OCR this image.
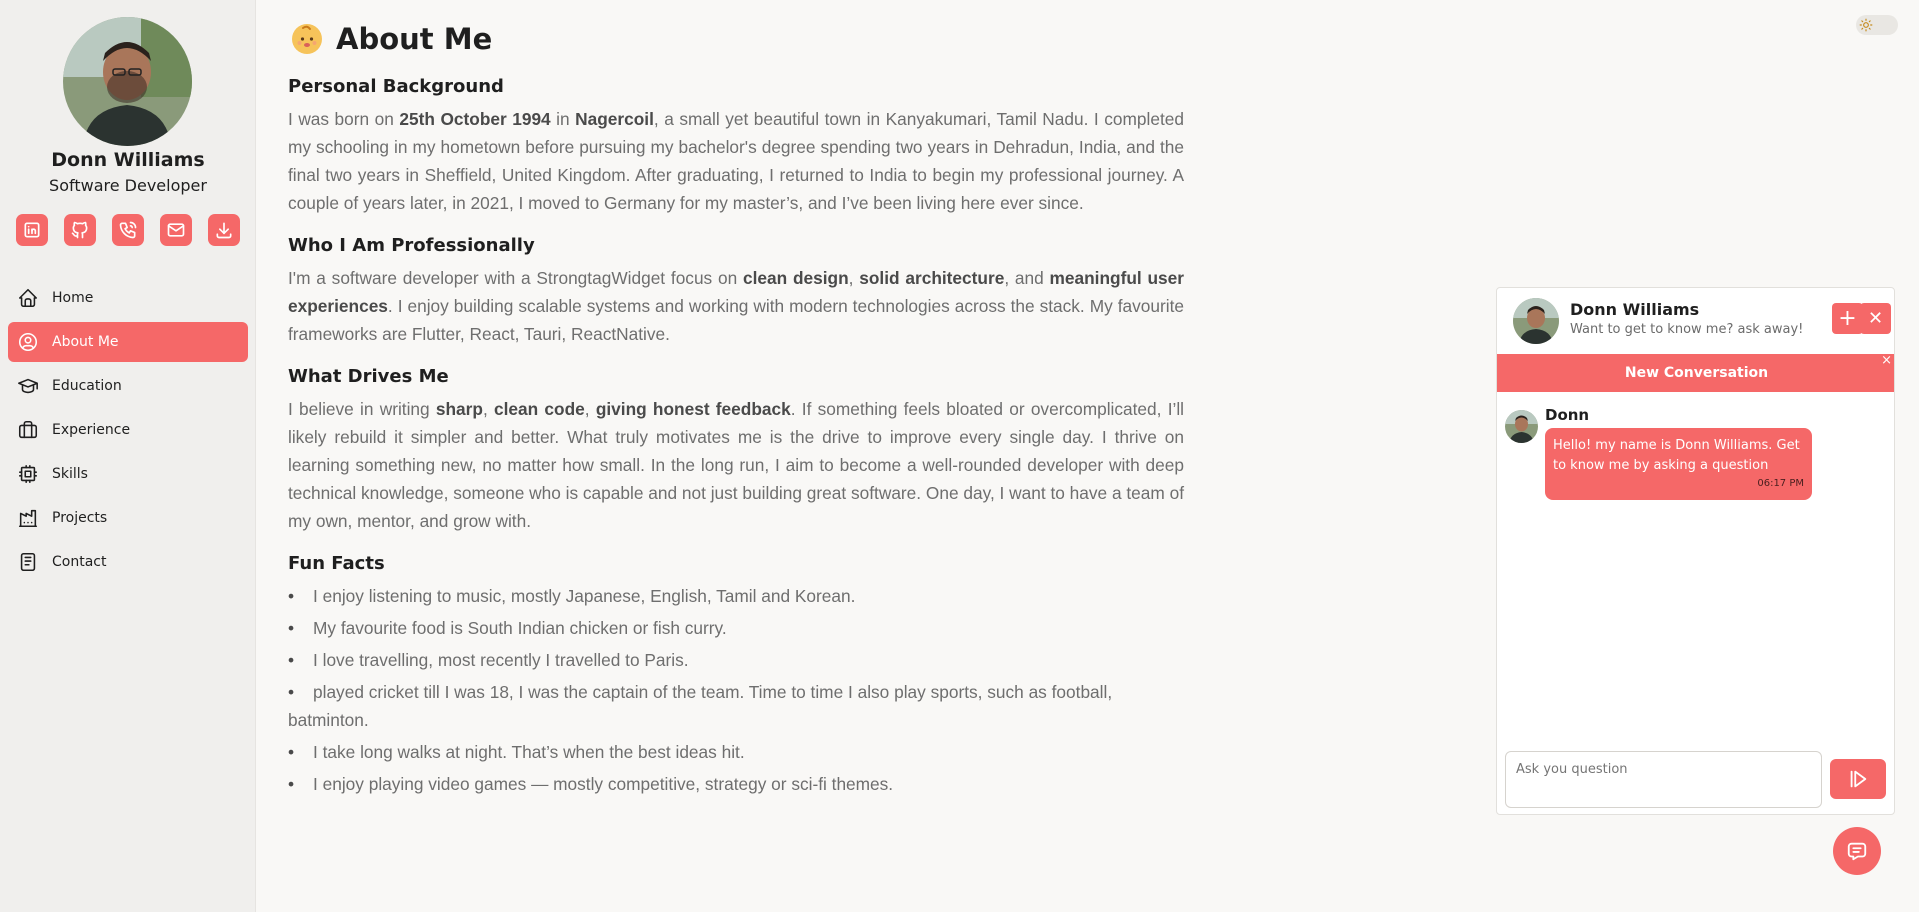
Donn Williams
Software Developer
Home
About Me
Education
Experience
Skills
Projects
Contact
About Me
Personal Background

I was born on 25th October 1994 in Nagercoil, a small yet beautiful town in Kanyakumari, Tamil Nadu. I completed my schooling in my hometown before pursuing my bachelor's degree spending two years in Dehradun, India, and the final two years in Sheffield, United Kingdom. After graduating, I returned to India to begin my professional journey. A couple of years later, in 2021, I moved to Germany for my master’s, and I’ve been living here ever since.

Who I Am Professionally

I'm a software developer with a StrongtagWidget focus on clean design, solid architecture, and meaningful user experiences. I enjoy building scalable systems and working with modern technologies across the stack. My favourite frameworks are Flutter, React, Tauri, ReactNative.

What Drives Me

I believe in writing sharp, clean code, giving honest feedback. If something feels bloated or overcomplicated, I’ll likely rebuild it simpler and better. What truly motivates me is the drive to improve every single day. I thrive on learning something new, no matter how small. In the long run, I aim to become a well-rounded developer with deep technical knowledge, someone who is capable and not just building great software. One day, I want to have a team of my own, mentor, and grow with.

Fun Facts
• I enjoy listening to music, mostly Japanese, English, Tamil and Korean.
• My favourite food is South Indian chicken or fish curry.
• I love travelling, most recently I travelled to Paris.
• played cricket till I was 18, I was the captain of the team. Time to time I also play sports, such as football, batminton.
• I take long walks at night. That’s when the best ideas hit.
• I enjoy playing video games — mostly competitive, strategy or sci-fi themes.
Donn Williams
Want to get to know me? ask away! + ✕
New Conversation
×
Donn
Hello! my name is Donn Williams. Get to know me by asking a question
06:17 PM
Ask you question
